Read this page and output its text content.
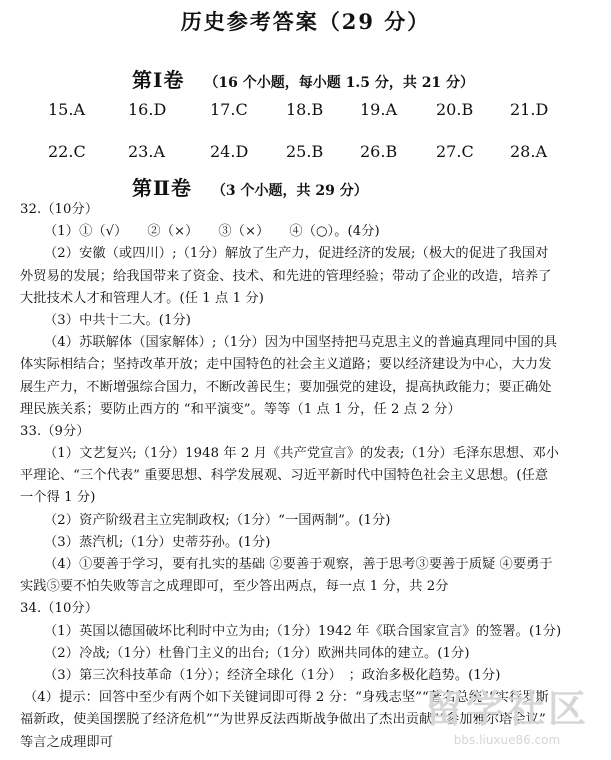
历史参考答案（29 分）
第Ⅰ卷 （16 个小题，每小题 1.5 分，共 21 分）
15.A	16.D	17.C 18.B 19.A 20.B 21.D
22.C	23.A	24.D 25.B 26.B 27.C 28.A
第Ⅱ卷 （3 个小题，共 29 分）
32.（10分）
（1）①（√）　　②（×）　　③（×）　　④（○）。(4分)
（2）安徽（或四川）;（1分）解放了生产力，促进经济的发展;（极大的促进了我国对
外贸易的发展；给我国带来了资金、技术、和先进的管理经验；带动了企业的改造，培养了
大批技术人才和管理人才。(任 1 点 1 分)
（3）中共十二大。(1分)
（4）苏联解体（国家解体）;（1分）因为中国坚持把马克思主义的普遍真理同中国的具
体实际相结合；坚持改革开放；走中国特色的社会主义道路；要以经济建设为中心，大力发
展生产力，不断增强综合国力，不断改善民生；要加强党的建设，提高执政能力；要正确处
理民族关系；要防止西方的 “和平演变”。等等（1 点 1 分，任 2 点 2 分）
33.（9分）
（1）文艺复兴;（1分）1948 年 2 月《共产党宣言》的发表;（1分）毛泽东思想、邓小
平理论、“三个代表” 重要思想、科学发展观、习近平新时代中国特色社会主义思想。(任意
一个得 1 分)
（2）资产阶级君主立宪制政权;（1分）“一国两制”。(1分)
（3）蒸汽机;（1分）史蒂芬孙。(1分)
（4）①要善于学习，要有扎实的基础 ②要善于观察，善于思考③要善于质疑 ④要勇于
实践⑤要不怕失败等言之成理即可，至少答出两点，每一点 1 分，共 2分
34.（10分）
（1）英国以德国破坏比利时中立为由;（1分）1942 年《联合国家宣言》的签署。(1分)
（2）冷战;（1分）杜鲁门主义的出台;（1分）欧洲共同体的建立。(1分)
（3）第三次科技革命（1分）；经济全球化（1分）　；政治多极化趋势。(1分)
（4）提示：回答中至少有两个如下关键词即可得 2 分：“身残志坚”“著名总统”“实行罗斯
福新政，使美国摆脱了经济危机”“为世界反法西斯战争做出了杰出贡献”“参加雅尔塔会议”
等言之成理即可
留学社区
bbs.liuxue86.com
